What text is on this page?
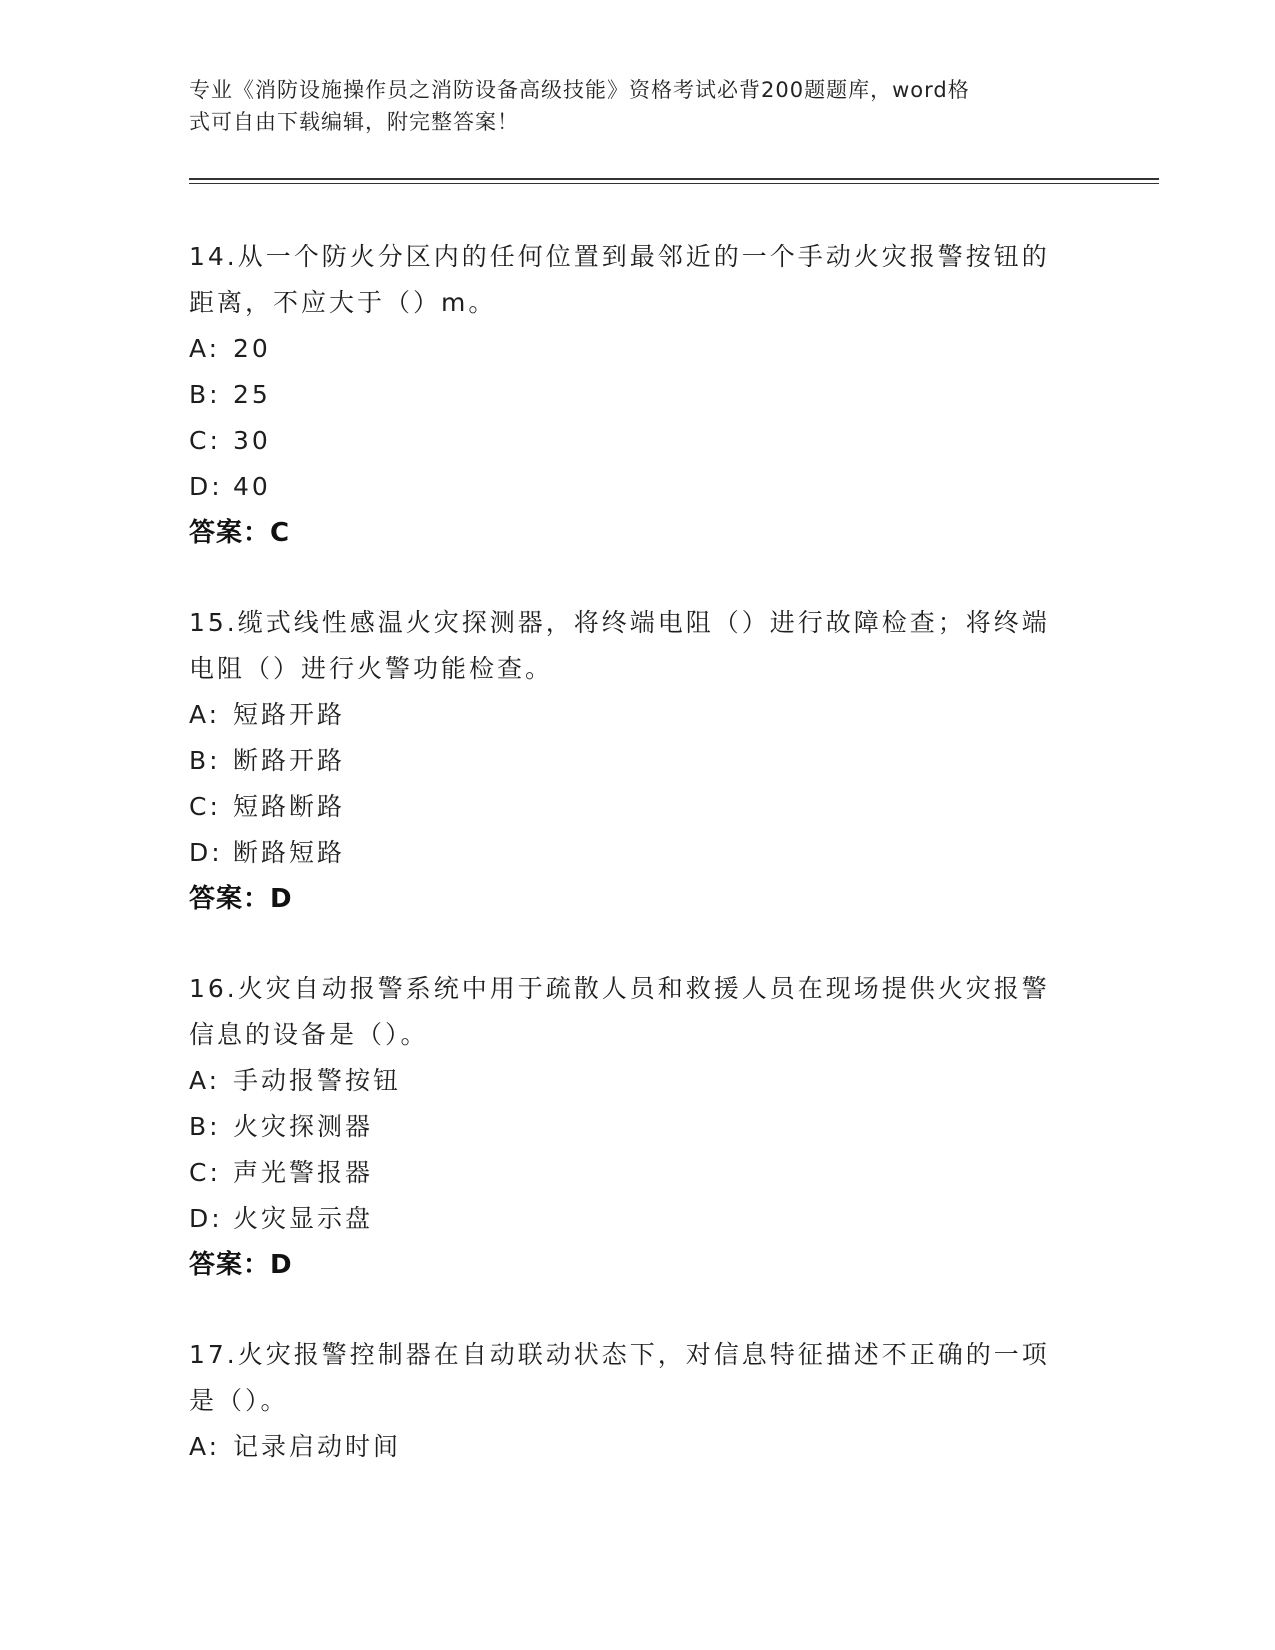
专业《消防设施操作员之消防设备高级技能》资格考试必背200题题库，word格
式可自由下载编辑，附完整答案！

14.从一个防火分区内的任何位置到最邻近的一个手动火灾报警按钮的

距离，不应大于（）m。

A: 20

B: 25

C: 30

D: 40

答案：C

15.缆式线性感温火灾探测器，将终端电阻（）进行故障检查；将终端

电阻（）进行火警功能检查。

A: 短路开路

B: 断路开路

C: 短路断路

D: 断路短路

答案：D

16.火灾自动报警系统中用于疏散人员和救援人员在现场提供火灾报警

信息的设备是（）。

A: 手动报警按钮

B: 火灾探测器

C: 声光警报器

D: 火灾显示盘

答案：D

17.火灾报警控制器在自动联动状态下，对信息特征描述不正确的一项

是（）。

A: 记录启动时间
